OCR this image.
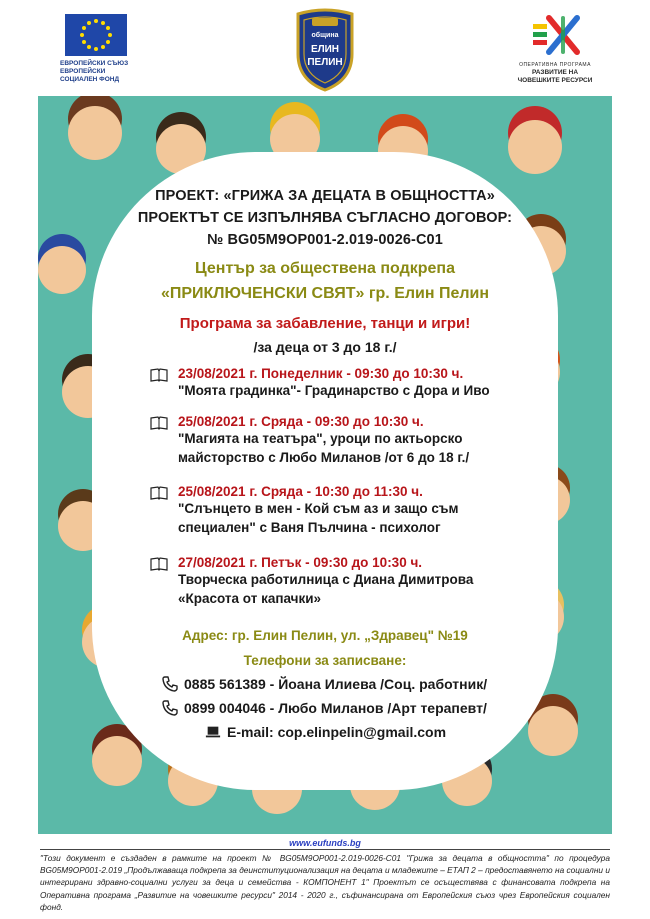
ЕВРОПЕЙСКИ СЪЮЗ
ЕВРОПЕЙСКИ
СОЦИАЛЕН ФОНД
община
ЕЛИН
ПЕЛИН	ОПЕРАТИВНА ПРОГРАМА
РАЗВИТИЕ НА
ЧОВЕШКИТЕ РЕСУРСИ
ПРОЕКТ: «ГРИЖА ЗА ДЕЦАТА В ОБЩНОСТТА»
ПРОЕКТЪТ СЕ ИЗПЪЛНЯВА СЪГЛАСНО ДОГОВОР:
№ BG05M9OP001-2.019-0026-C01
Център за обществена подкрепа
«ПРИКЛЮЧЕНСКИ СВЯТ» гр. Елин Пелин
Програма за забавление, танци и игри!
/за деца от 3 до 18 г./
23/08/2021 г. Понеделник - 09:30 до 10:30 ч.
"Моята градинка"- Градинарство с Дора и Иво
25/08/2021 г. Сряда - 09:30 до 10:30 ч.
"Магията на театъра", уроци по актьорско
майсторство с Любо Миланов /от 6 до 18 г./
25/08/2021 г. Сряда - 10:30 до 11:30 ч.
"Слънцето в мен - Кой съм аз и защо съм
специален" с Ваня Пълчина - психолог
27/08/2021 г. Петък - 09:30 до 10:30 ч.
Творческа работилница с Диана Димитрова
«Красота от капачки»
Адрес: гр. Елин Пелин, ул. „Здравец" №19
Телефони за записване:
0885 561389 - Йоана Илиева /Соц. работник/
0899 004046 - Любо Миланов /Арт терапевт/
E-mail: cop.elinpelin@gmail.com
www.eufunds.bg
"Този документ е създаден в рамките на проект № BG05M9OP001-2.019-0026-C01 "Грижа за децата в общността" по процедура BG05M9OP001-2.019 „Продължаваща подкрепа за деинституционализация на децата и младежите – ЕТАП 2 – предоставянето на социални и интегрирани здравно-социални услуги за деца и семейства - КОМПОНЕНТ 1" Проектът се осъществява с финансовата подкрепа на Оперативна програма „Развитие на човешките ресурси" 2014 - 2020 г., съфинансирана от Европейския съюз чрез Европейския социален фонд.
